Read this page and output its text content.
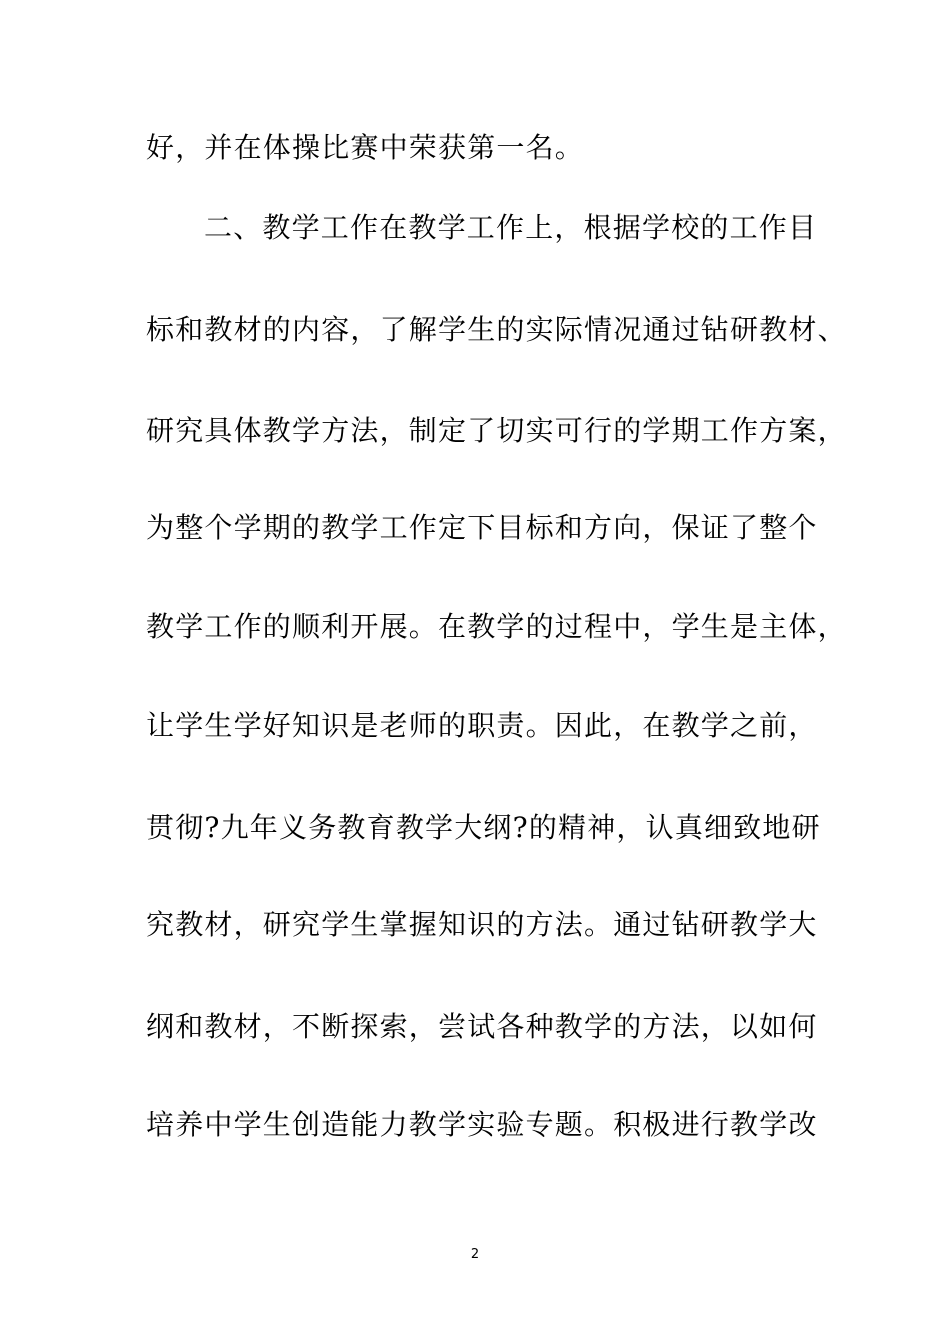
好，并在体操比赛中荣获第一名。
二、教学工作在教学工作上，根据学校的工作目
标和教材的内容，了解学生的实际情况通过钻研教材、
研究具体教学方法，制定了切实可行的学期工作方案，
为整个学期的教学工作定下目标和方向，保证了整个
教学工作的顺利开展。在教学的过程中，学生是主体，
让学生学好知识是老师的职责。因此，在教学之前，
贯彻?九年义务教育教学大纲?的精神，认真细致地研
究教材，研究学生掌握知识的方法。通过钻研教学大
纲和教材，不断探索，尝试各种教学的方法，以如何
培养中学生创造能力教学实验专题。积极进行教学改
2
